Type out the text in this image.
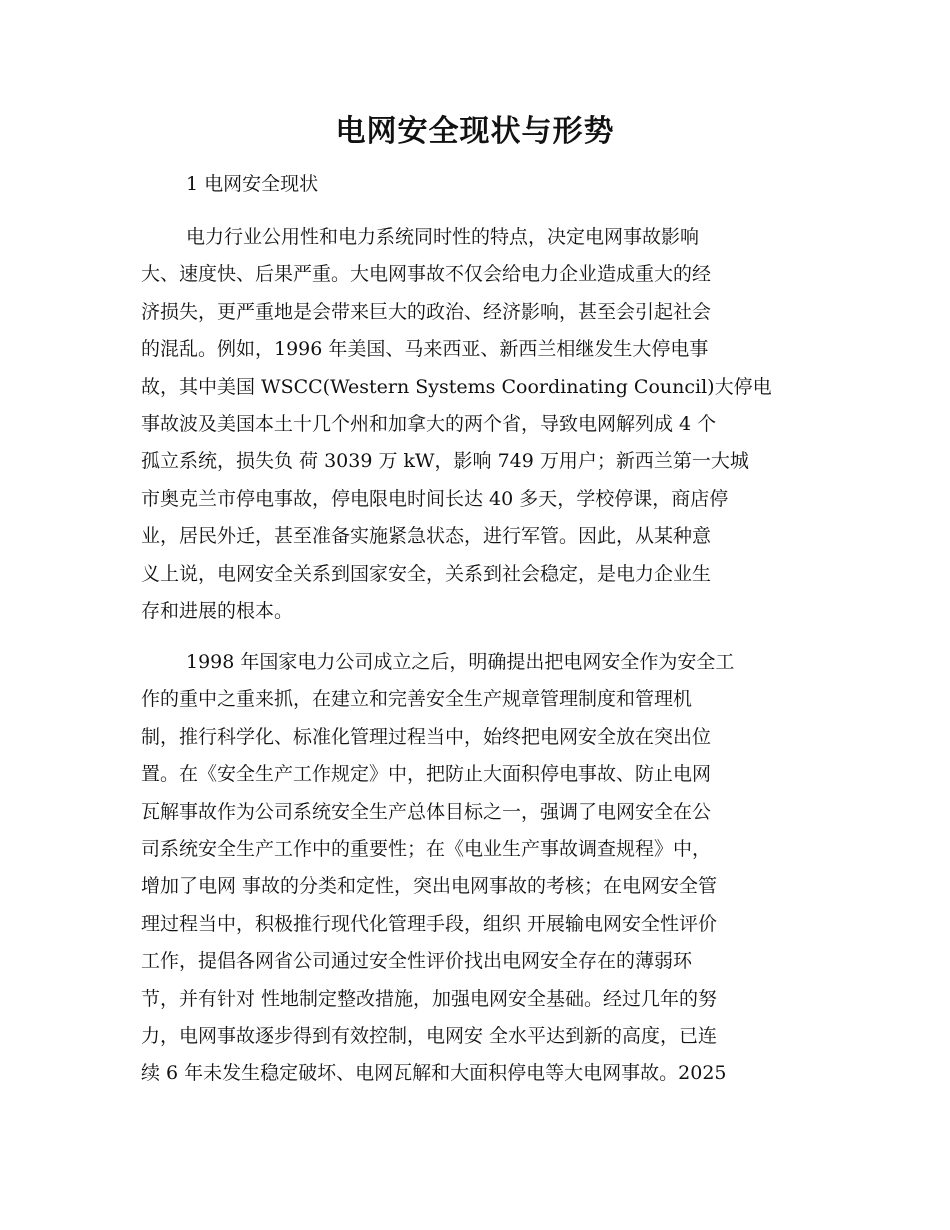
电网安全现状与形势
1 电网安全现状
电力行业公用性和电力系统同时性的特点，决定电网事故影响
大、速度快、后果严重。大电网事故不仅会给电力企业造成重大的经
济损失，更严重地是会带来巨大的政治、经济影响，甚至会引起社会
的混乱。例如，1996 年美国、马来西亚、新西兰相继发生大停电事
故，其中美国 WSCC(Western Systems Coordinating Council)大停电
事故波及美国本土十几个州和加拿大的两个省，导致电网解列成 4 个
孤立系统，损失负 荷 3039 万 kW，影响 749 万用户；新西兰第一大城
市奥克兰市停电事故，停电限电时间长达 40 多天，学校停课，商店停
业，居民外迁，甚至准备实施紧急状态，进行军管。因此，从某种意
义上说，电网安全关系到国家安全，关系到社会稳定，是电力企业生
存和进展的根本。
1998 年国家电力公司成立之后，明确提出把电网安全作为安全工
作的重中之重来抓，在建立和完善安全生产规章管理制度和管理机
制，推行科学化、标准化管理过程当中，始终把电网安全放在突出位
置。在《安全生产工作规定》中，把防止大面积停电事故、防止电网
瓦解事故作为公司系统安全生产总体目标之一，强调了电网安全在公
司系统安全生产工作中的重要性；在《电业生产事故调查规程》中，
增加了电网 事故的分类和定性，突出电网事故的考核；在电网安全管
理过程当中，积极推行现代化管理手段，组织 开展输电网安全性评价
工作，提倡各网省公司通过安全性评价找出电网安全存在的薄弱环
节，并有针对 性地制定整改措施，加强电网安全基础。经过几年的努
力，电网事故逐步得到有效控制，电网安 全水平达到新的高度，已连
续 6 年未发生稳定破坏、电网瓦解和大面积停电等大电网事故。2025
